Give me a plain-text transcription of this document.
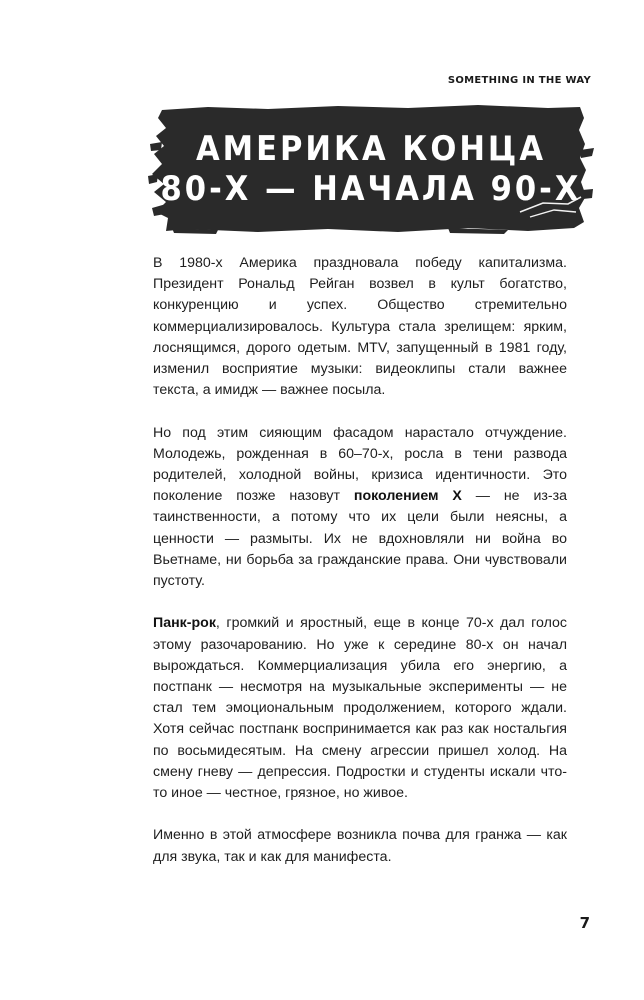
SOMETHING IN THE WAY
АМЕРИКА КОНЦА
80-Х — НАЧАЛА 90-Х

В 1980-х Америка праздновала победу капитализма. Президент Рональд Рейган возвел в культ богатство, конкуренцию и успех. Общество стремительно коммерциализировалось. Культура стала зрелищем: ярким, лоснящимся, дорого одетым. MTV, запущенный в 1981 году, изменил восприятие музыки: видеоклипы стали важнее текста, а имидж — важнее посыла.

Но под этим сияющим фасадом нарастало отчуждение. Молодежь, рожденная в 60–70-х, росла в тени развода родителей, холодной войны, кризиса идентичности. Это поколение позже назовут поколением X — не из-за таинственности, а потому что их цели были неясны, а ценности — размыты. Их не вдохновляли ни война во Вьетнаме, ни борьба за гражданские права. Они чувствовали пустоту.

Панк-рок, громкий и яростный, еще в конце 70-х дал голос этому разочарованию. Но уже к середине 80-х он начал вырождаться. Коммерциализация убила его энергию, а постпанк — несмотря на музыкальные эксперименты — не стал тем эмоциональным продолжением, которого ждали. Хотя сейчас постпанк воспринимается как раз как ностальгия по восьмидесятым. На смену агрессии пришел холод. На смену гневу — депрессия. Подростки и студенты искали что-то иное — честное, грязное, но живое.

Именно в этой атмосфере возникла почва для гранжа — как для звука, так и как для манифеста.

7
